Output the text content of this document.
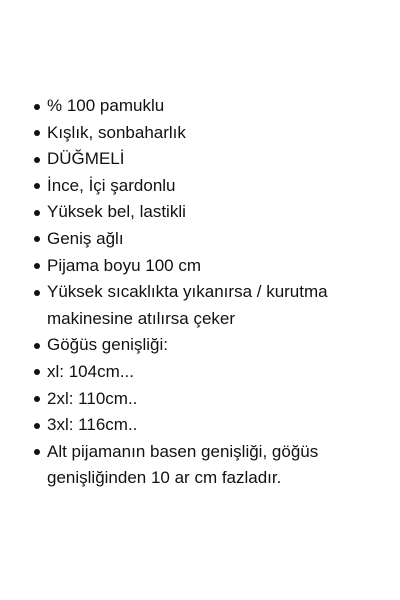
% 100 pamuklu
Kışlık, sonbaharlık
DÜĞMELİ
İnce, İçi şardonlu
Yüksek bel, lastikli
Geniş ağlı
Pijama boyu 100 cm
Yüksek sıcaklıkta yıkanırsa / kurutma
makinesine atılırsa çeker
Göğüs genişliği:
xl: 104cm...
2xl: 110cm..
3xl: 116cm..
Alt pijamanın basen genişliği, göğüs
genişliğinden 10 ar cm fazladır.
